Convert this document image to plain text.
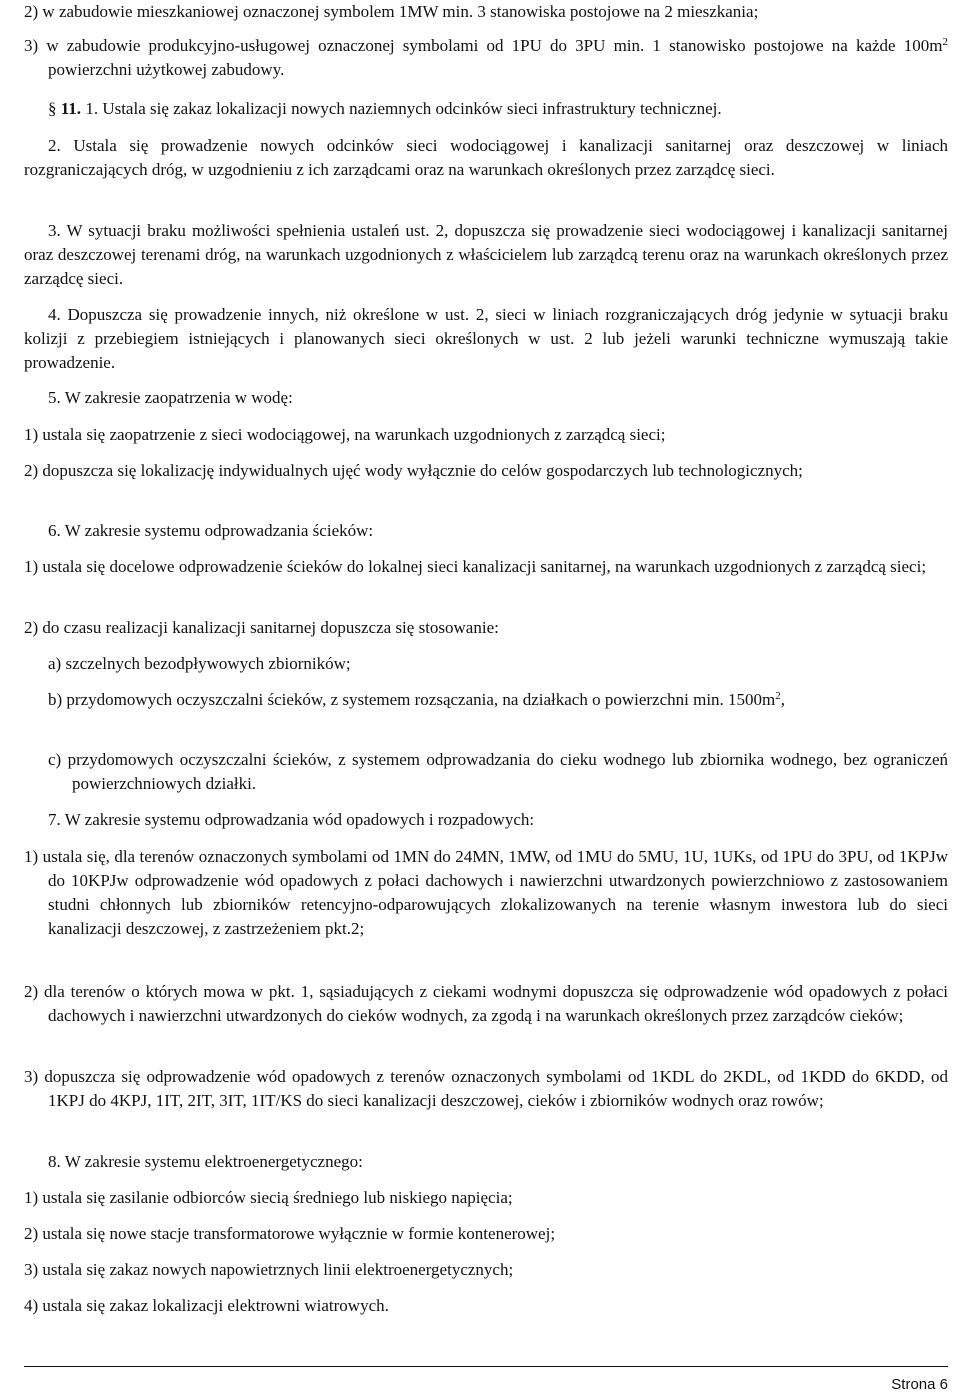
2) w zabudowie mieszkaniowej oznaczonej symbolem 1MW min. 3 stanowiska postojowe na 2 mieszkania;

3) w zabudowie produkcyjno-usługowej oznaczonej symbolami od 1PU do 3PU min. 1 stanowisko postojowe na każde $100m^2$ powierzchni użytkowej zabudowy.

§ 11. 1. Ustala się zakaz lokalizacji nowych naziemnych odcinków sieci infrastruktury technicznej.

2. Ustala się prowadzenie nowych odcinków sieci wodociągowej i kanalizacji sanitarnej oraz deszczowej w liniach rozgraniczających dróg, w uzgodnieniu z ich zarządcami oraz na warunkach określonych przez zarządcę sieci.

3. W sytuacji braku możliwości spełnienia ustaleń ust. 2, dopuszcza się prowadzenie sieci wodociągowej i kanalizacji sanitarnej oraz deszczowej terenami dróg, na warunkach uzgodnionych z właścicielem lub zarządcą terenu oraz na warunkach określonych przez zarządcę sieci.

4. Dopuszcza się prowadzenie innych, niż określone w ust. 2, sieci w liniach rozgraniczających dróg jedynie w sytuacji braku kolizji z przebiegiem istniejących i planowanych sieci określonych w ust. 2 lub jeżeli warunki techniczne wymuszają takie prowadzenie.

5. W zakresie zaopatrzenia w wodę:

1) ustala się zaopatrzenie z sieci wodociągowej, na warunkach uzgodnionych z zarządcą sieci;

2) dopuszcza się lokalizację indywidualnych ujęć wody wyłącznie do celów gospodarczych lub technologicznych;

6. W zakresie systemu odprowadzania ścieków:

1) ustala się docelowe odprowadzenie ścieków do lokalnej sieci kanalizacji sanitarnej, na warunkach uzgodnionych z zarządcą sieci;

2) do czasu realizacji kanalizacji sanitarnej dopuszcza się stosowanie:

a) szczelnych bezodpływowych zbiorników;

b) przydomowych oczyszczalni ścieków, z systemem rozsączania, na działkach o powierzchni min. $1500m^2$,

c) przydomowych oczyszczalni ścieków, z systemem odprowadzania do cieku wodnego lub zbiornika wodnego, bez ograniczeń powierzchniowych działki.

7. W zakresie systemu odprowadzania wód opadowych i rozpadowych:

1) ustala się, dla terenów oznaczonych symbolami od 1MN do 24MN, 1MW, od 1MU do 5MU, 1U, 1UKs, od 1PU do 3PU, od 1KPJw do 10KPJw odprowadzenie wód opadowych z połaci dachowych i nawierzchni utwardzonych powierzchniowo z zastosowaniem studni chłonnych lub zbiorników retencyjno-odparowujących zlokalizowanych na terenie własnym inwestora lub do sieci kanalizacji deszczowej, z zastrzeżeniem pkt.2;

2) dla terenów o których mowa w pkt. 1, sąsiadujących z ciekami wodnymi dopuszcza się odprowadzenie wód opadowych z połaci dachowych i nawierzchni utwardzonych do cieków wodnych, za zgodą i na warunkach określonych przez zarządców cieków;

3) dopuszcza się odprowadzenie wód opadowych z terenów oznaczonych symbolami od 1KDL do 2KDL, od 1KDD do 6KDD, od 1KPJ do 4KPJ, 1IT, 2IT, 3IT, 1IT/KS do sieci kanalizacji deszczowej, cieków i zbiorników wodnych oraz rowów;

8. W zakresie systemu elektroenergetycznego:

1) ustala się zasilanie odbiorców siecią średniego lub niskiego napięcia;

2) ustala się nowe stacje transformatorowe wyłącznie w formie kontenerowej;

3) ustala się zakaz nowych napowietrznych linii elektroenergetycznych;

4) ustala się zakaz lokalizacji elektrowni wiatrowych.

Strona 6
